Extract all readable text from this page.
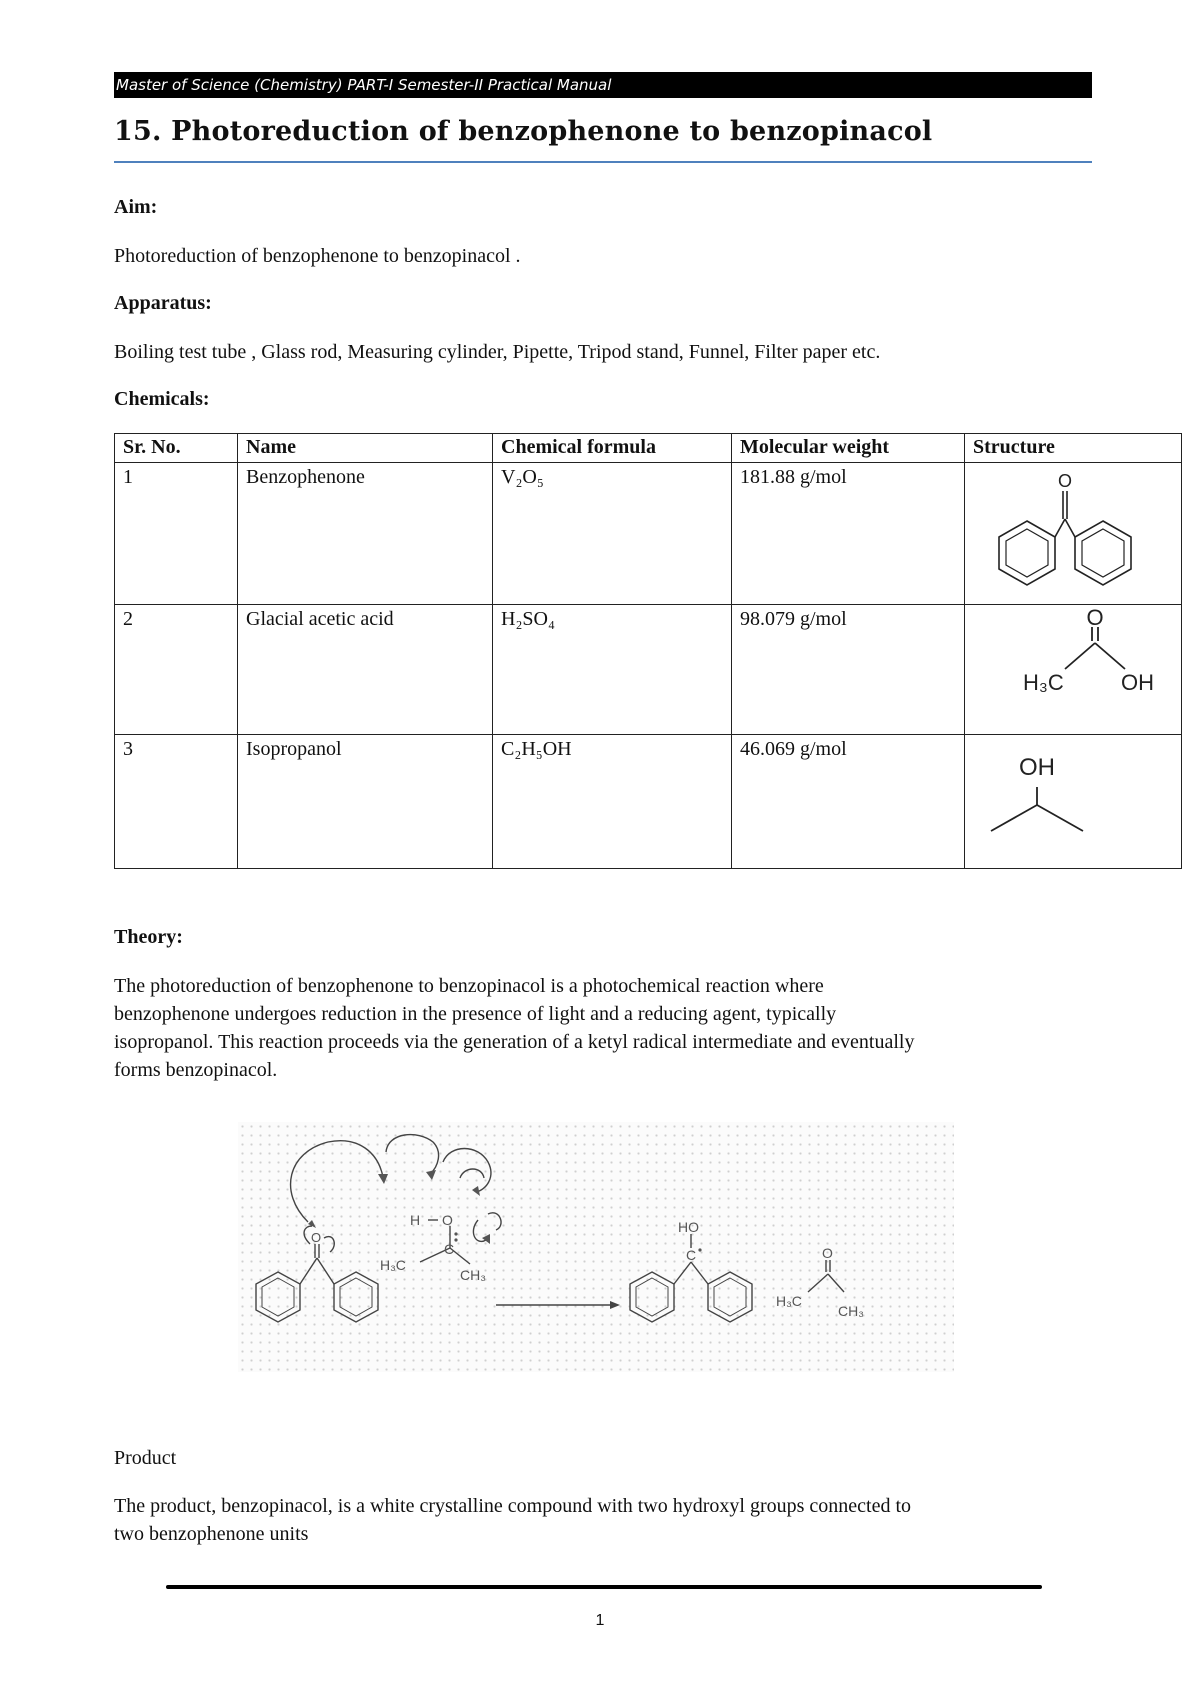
Master of Science (Chemistry) PART-I Semester-II Practical Manual
15. Photoreduction of benzophenone to benzopinacol
Aim:
Photoreduction of benzophenone to benzopinacol .
Apparatus:
Boiling test tube , Glass rod, Measuring cylinder, Pipette, Tripod stand, Funnel, Filter paper etc.
Chemicals:
Sr. No.	Name	Chemical formula	Molecular weight	Structure
1	Benzophenone	V₂O₅	181.88 g/mol	O

2	Glacial acetic acid	H₂SO₄	98.079 g/mol	O
H₃C OH

3	Isopropanol	C₂H₅OH	46.069 g/mol	OH
Theory:
The photoreduction of benzophenone to benzopinacol is a photochemical reaction where
benzophenone undergoes reduction in the presence of light and a reducing agent, typically
isopropanol. This reaction proceeds via the generation of a ketyl radical intermediate and eventually
forms benzopinacol.
O
H O
C
H₃C
CH₃
HO
C	O
H₃C
CH₃
Product
The product, benzopinacol, is a white crystalline compound with two hydroxyl groups connected to
two benzophenone units
1
